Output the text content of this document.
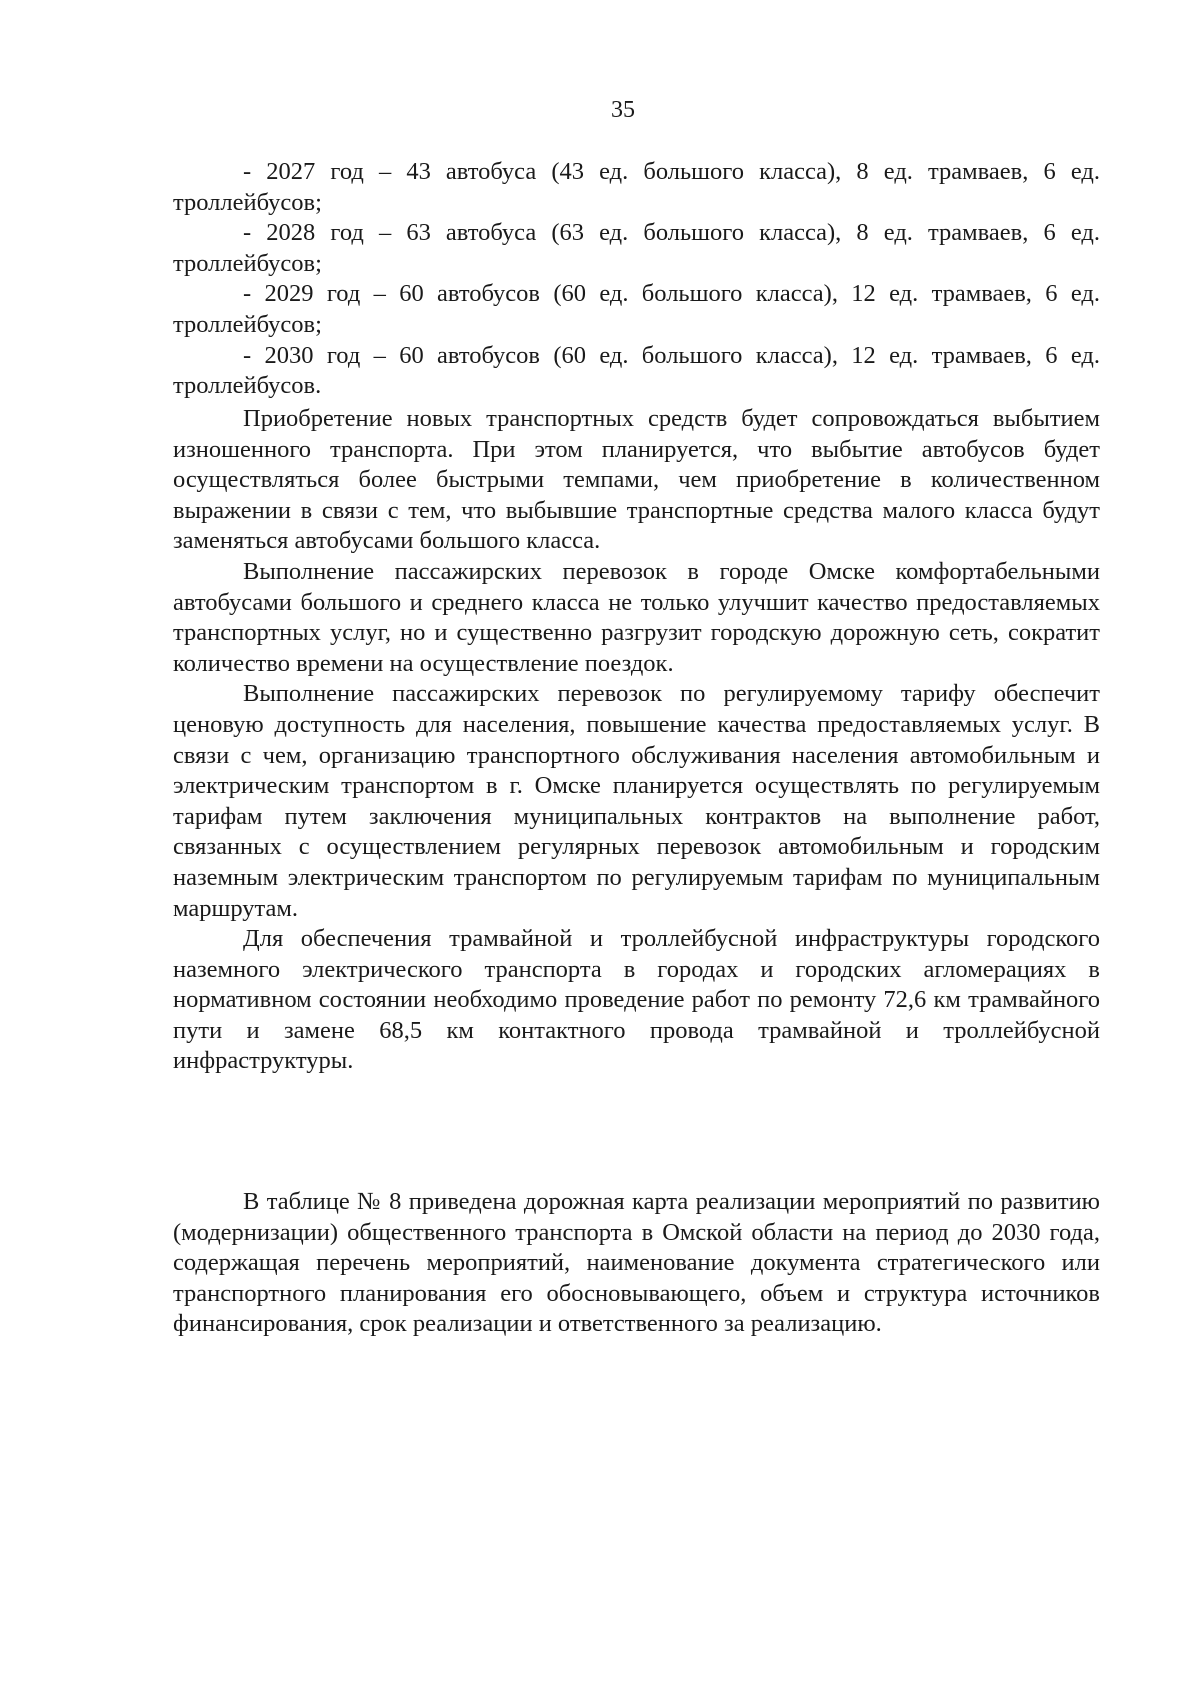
35

- 2027 год – 43 автобуса (43 ед. большого класса), 8 ед. трамваев, 6 ед. троллейбусов;

- 2028 год – 63 автобуса (63 ед. большого класса), 8 ед. трамваев, 6 ед. троллейбусов;

- 2029 год – 60 автобусов (60 ед. большого класса), 12 ед. трамваев, 6 ед. троллейбусов;

- 2030 год – 60 автобусов (60 ед. большого класса), 12 ед. трамваев, 6 ед. троллейбусов.

Приобретение новых транспортных средств будет сопровождаться выбытием изношенного транспорта. При этом планируется, что выбытие автобусов будет осуществляться более быстрыми темпами, чем приобретение в количественном выражении в связи с тем, что выбывшие транспортные средства малого класса будут заменяться автобусами большого класса.

Выполнение пассажирских перевозок в городе Омске комфортабельными автобусами большого и среднего класса не только улучшит качество предоставляемых транспортных услуг, но и существенно разгрузит городскую дорожную сеть, сократит количество времени на осуществление поездок.

Выполнение пассажирских перевозок по регулируемому тарифу обеспечит ценовую доступность для населения, повышение качества предоставляемых услуг. В связи с чем, организацию транспортного обслуживания населения автомобильным и электрическим транспортом в г. Омске планируется осуществлять по регулируемым тарифам путем заключения муниципальных контрактов на выполнение работ, связанных с осуществлением регулярных перевозок автомобильным и городским наземным электрическим транспортом по регулируемым тарифам по муниципальным маршрутам.

Для обеспечения трамвайной и троллейбусной инфраструктуры городского наземного электрического транспорта в городах и городских агломерациях в нормативном состоянии необходимо проведение работ по ремонту 72,6 км трамвайного пути и замене 68,5 км контактного провода трамвайной и троллейбусной инфраструктуры.

В таблице № 8 приведена дорожная карта реализации мероприятий по развитию (модернизации) общественного транспорта в Омской области на период до 2030 года, содержащая перечень мероприятий, наименование документа стратегического или транспортного планирования его обосновывающего, объем и структура источников финансирования, срок реализации и ответственного за реализацию.
